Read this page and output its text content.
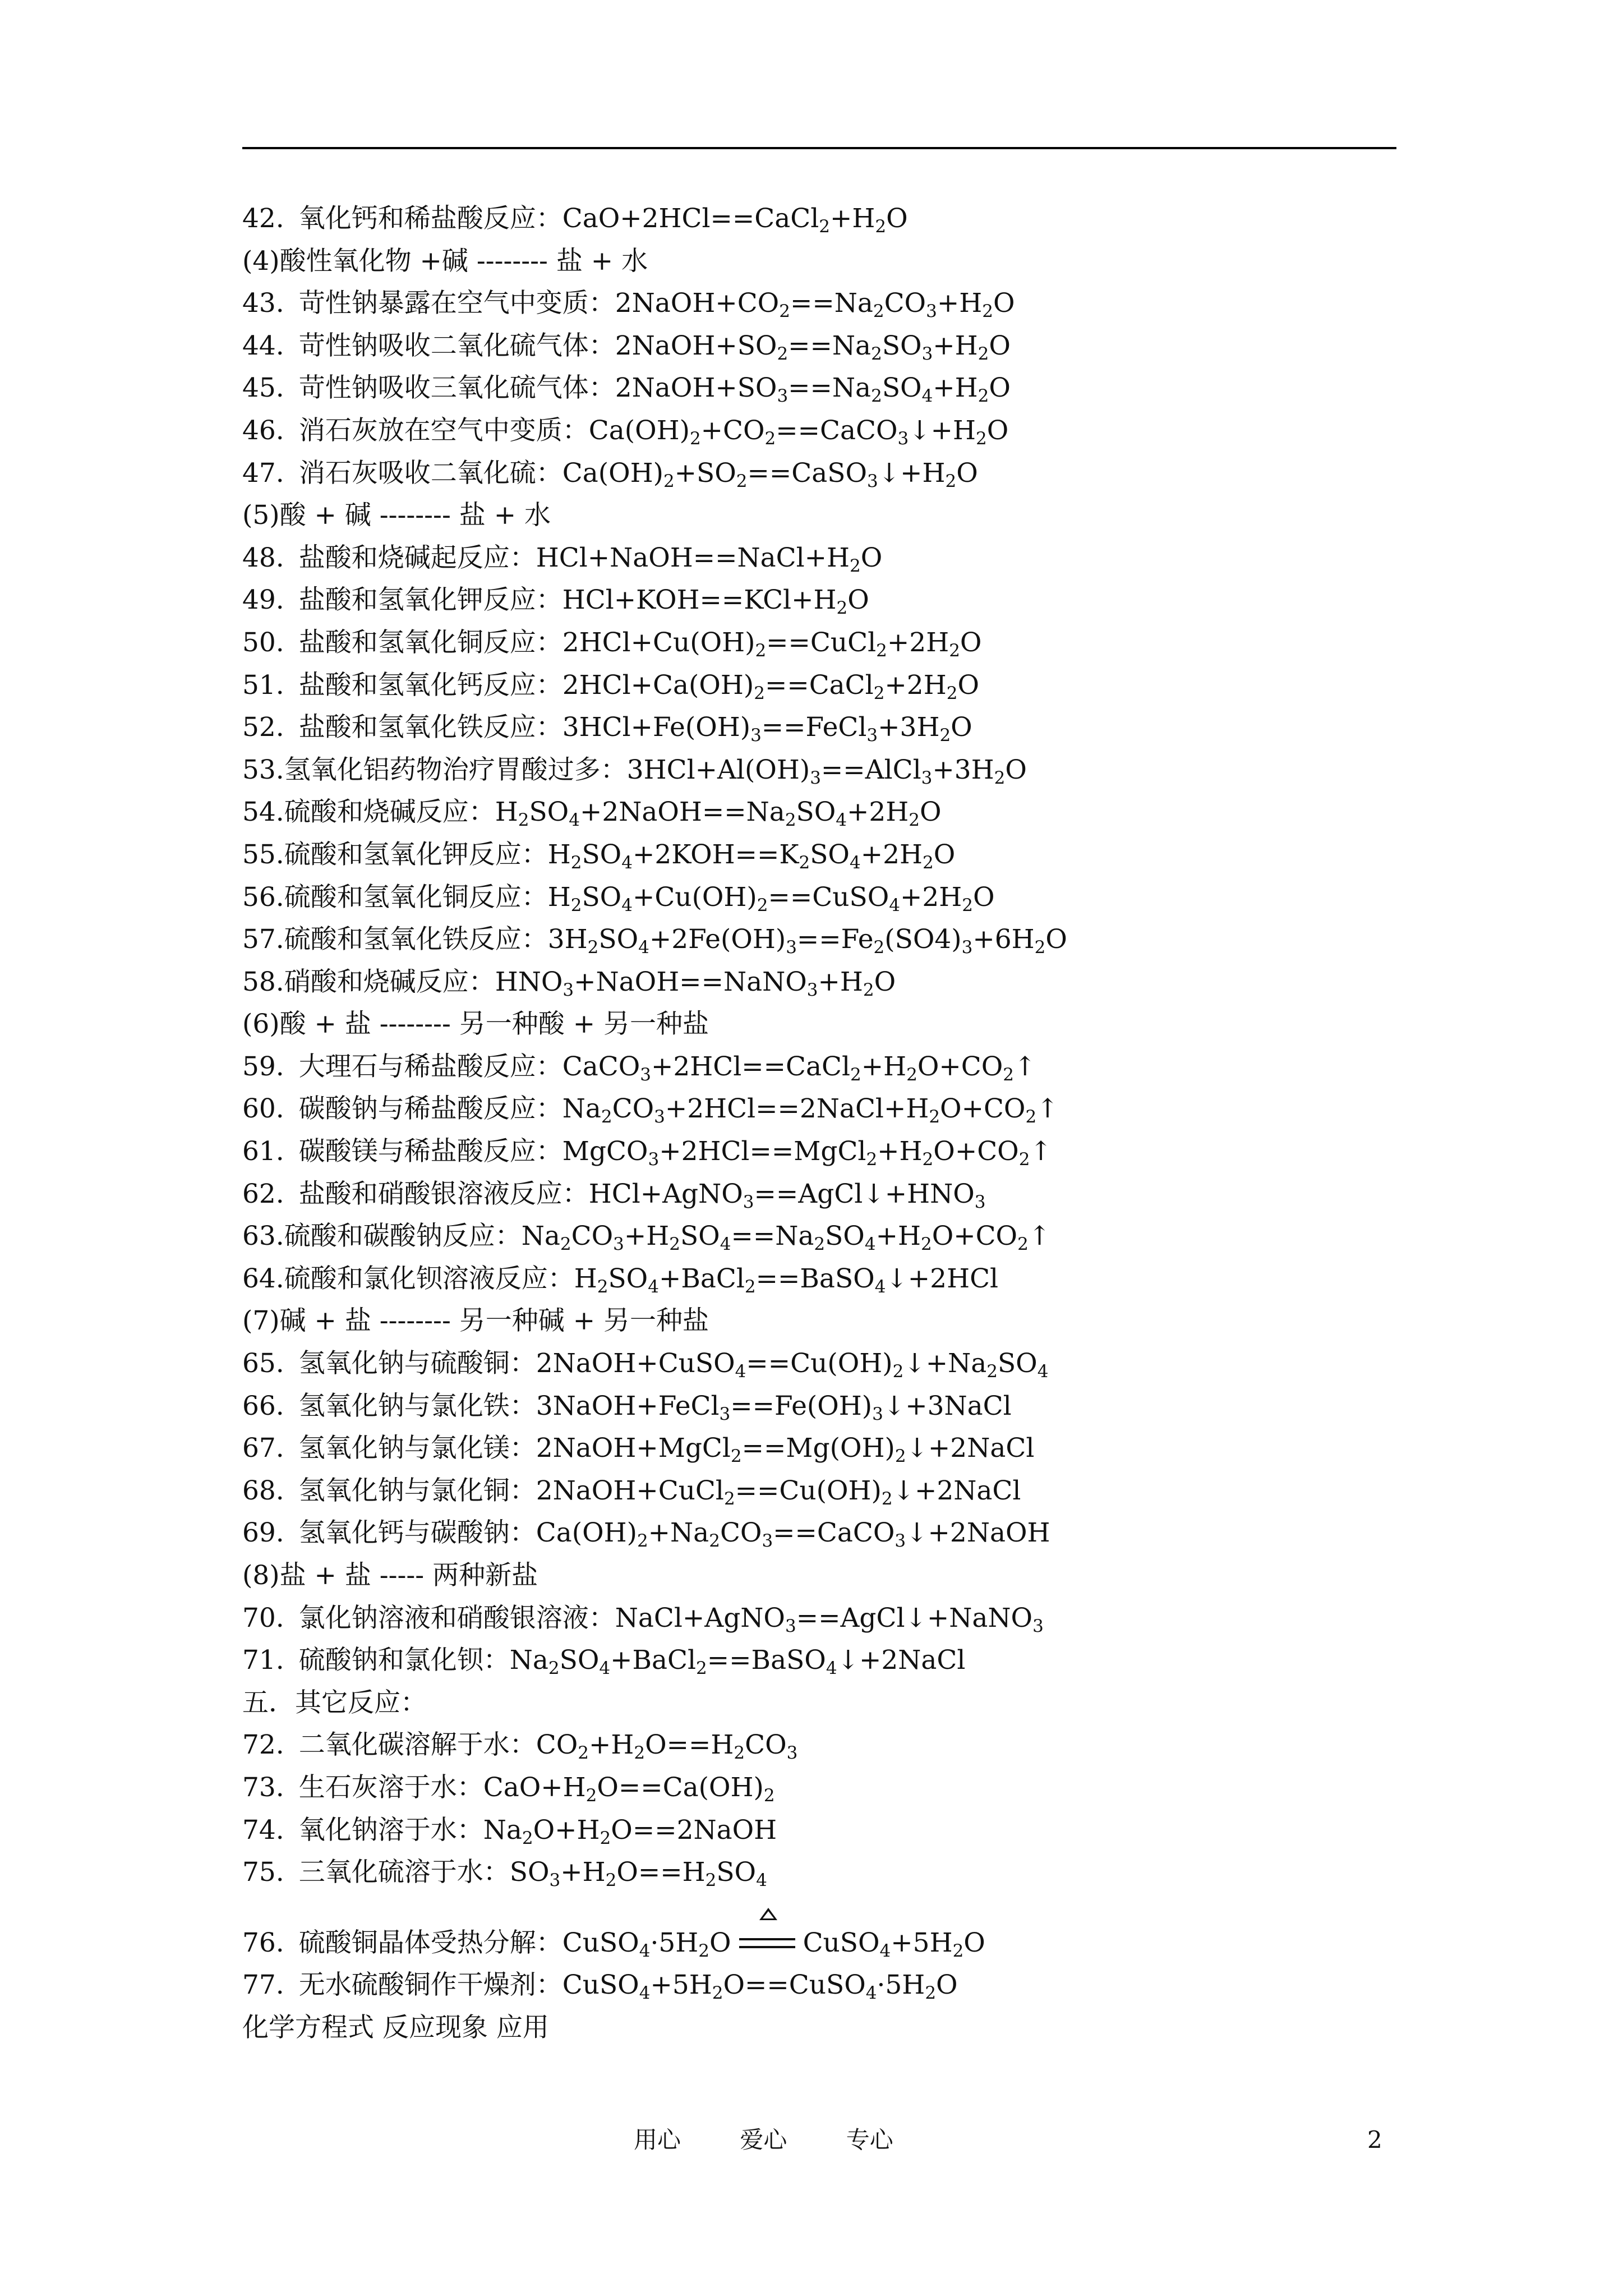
42. 氧化钙和稀盐酸反应：$CaO+2HCl==CaCl_2+H_2O$
(4)酸性氧化物 +碱 -------- 盐 + 水
43. 苛性钠暴露在空气中变质：$2NaOH+CO_2==Na_2CO_3+H_2O$
44. 苛性钠吸收二氧化硫气体：$2NaOH+SO_2==Na_2SO_3+H_2O$
45. 苛性钠吸收三氧化硫气体：$2NaOH+SO_3==Na_2SO_4+H_2O$
46. 消石灰放在空气中变质：$Ca(OH)_2+CO_2==CaCO_3↓+H_2O$
47. 消石灰吸收二氧化硫：$Ca(OH)_2+SO_2==CaSO_3↓+H_2O$
(5)酸 + 碱 -------- 盐 + 水
48. 盐酸和烧碱起反应：$HCl+NaOH==NaCl+H_2O$
49. 盐酸和氢氧化钾反应：$HCl+KOH==KCl+H_2O$
50. 盐酸和氢氧化铜反应：$2HCl+Cu(OH)_2==CuCl_2+2H_2O$
51. 盐酸和氢氧化钙反应：$2HCl+Ca(OH)_2==CaCl_2+2H_2O$
52. 盐酸和氢氧化铁反应：$3HCl+Fe(OH)_3==FeCl_3+3H_2O$
53.氢氧化铝药物治疗胃酸过多：$3HCl+Al(OH)_3==AlCl_3+3H_2O$
54.硫酸和烧碱反应：$H_2SO_4+2NaOH==Na_2SO_4+2H_2O$
55.硫酸和氢氧化钾反应：$H_2SO_4+2KOH==K_2SO_4+2H_2O$
56.硫酸和氢氧化铜反应：$H_2SO_4+Cu(OH)_2==CuSO_4+2H_2O$
57.硫酸和氢氧化铁反应：$3H_2SO_4+2Fe(OH)_3==Fe_2(SO4)_3+6H_2O$
58.硝酸和烧碱反应：$HNO_3+NaOH==NaNO_3+H_2O$
(6)酸 + 盐 -------- 另一种酸 + 另一种盐
59. 大理石与稀盐酸反应：$CaCO_3+2HCl==CaCl_2+H_2O+CO_2↑$
60. 碳酸钠与稀盐酸反应：$Na_2CO_3+2HCl==2NaCl+H_2O+CO_2↑$
61. 碳酸镁与稀盐酸反应：$MgCO_3+2HCl==MgCl_2+H_2O+CO_2↑$
62. 盐酸和硝酸银溶液反应：$HCl+AgNO_3==AgCl↓+HNO_3$
63.硫酸和碳酸钠反应：$Na_2CO_3+H_2SO_4==Na_2SO_4+H_2O+CO_2↑$
64.硫酸和氯化钡溶液反应：$H_2SO_4+BaCl_2==BaSO_4↓+2HCl$
(7)碱 + 盐 -------- 另一种碱 + 另一种盐
65. 氢氧化钠与硫酸铜：$2NaOH+CuSO_4==Cu(OH)_2↓+Na_2SO_4$
66. 氢氧化钠与氯化铁：$3NaOH+FeCl_3==Fe(OH)_3↓+3NaCl$
67. 氢氧化钠与氯化镁：$2NaOH+MgCl_2==Mg(OH)_2↓+2NaCl$
68. 氢氧化钠与氯化铜：$2NaOH+CuCl_2==Cu(OH)_2↓+2NaCl$
69. 氢氧化钙与碳酸钠：$Ca(OH)_2+Na_2CO_3==CaCO_3↓+2NaOH$
(8)盐 + 盐 ----- 两种新盐
70. 氯化钠溶液和硝酸银溶液：NaCl+AgNO$_3$==AgCl↓+NaNO$_3$
71. 硫酸钠和氯化钡：$Na_2SO_4+BaCl_2==BaSO_4↓+2NaCl$
五．其它反应：
72. 二氧化碳溶解于水：$CO_2+H_2O==H_2CO_3$
73. 生石灰溶于水：$CaO+H_2O==Ca(OH)_2$
74. 氧化钠溶于水：$Na_2O+H_2O==2NaOH$
75. 三氧化硫溶于水：$SO_3+H_2O==H_2SO_4$
76. 硫酸铜晶体受热分解：$CuSO_4\cdot 5H_2O$	$CuSO_4+5H_2O$
77. 无水硫酸铜作干燥剂：$CuSO_4+5H_2O==CuSO_4\cdot 5H_2O$
化学方程式 反应现象 应用
用心	爱心	专心	2
